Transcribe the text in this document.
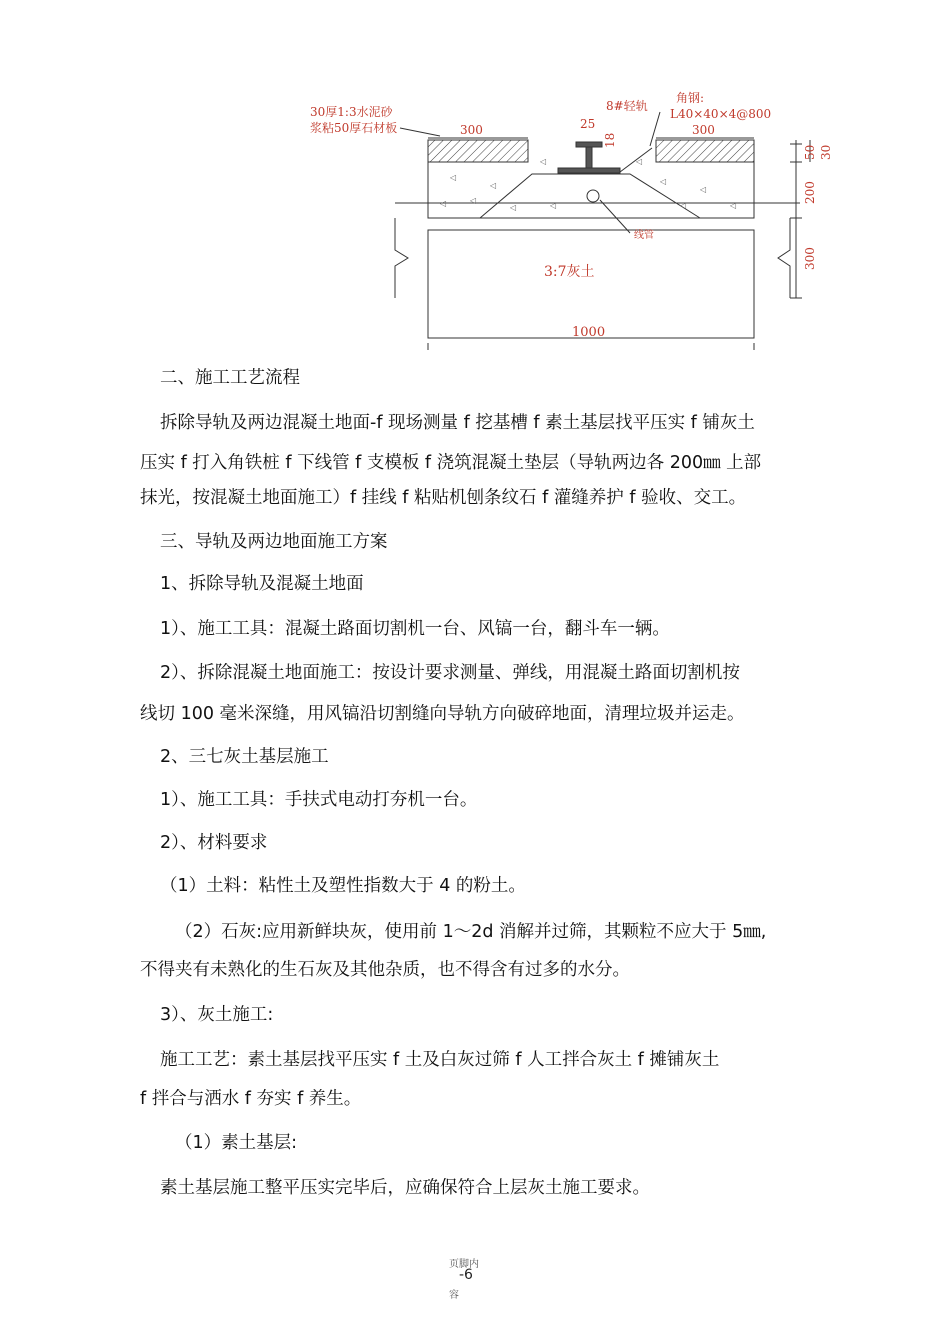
◁
◁
◁
◁	◁
◁
◁
◁
◁
◁
◁
◁
30厚1:3水泥砂
浆粘50厚石材板
8#轻轨
角钢:
L40×40×4@800
300	300
25
18
50 30
200
300
线管
3:7灰土
1000
二、施工工艺流程
拆除导轨及两边混凝土地面-f 现场测量 f 挖基槽 f 素土基层找平压实 f 铺灰土
压实 f 打入角铁桩 f 下线管 f 支模板 f 浇筑混凝土垫层（导轨两边各 200㎜ 上部
抹光，按混凝土地面施工）f 挂线 f 粘贴机刨条纹石 f 灌缝养护 f 验收、交工。
三、导轨及两边地面施工方案
1、拆除导轨及混凝土地面
1）、施工工具：混凝土路面切割机一台、风镐一台，翻斗车一辆。
2）、拆除混凝土地面施工：按设计要求测量、弹线，用混凝土路面切割机按
线切 100 毫米深缝，用风镐沿切割缝向导轨方向破碎地面，清理垃圾并运走。
2、三七灰土基层施工
1）、施工工具：手扶式电动打夯机一台。
2）、材料要求
（1）土料：粘性土及塑性指数大于 4 的粉土。
（2）石灰:应用新鲜块灰，使用前 1～2d 消解并过筛，其颗粒不应大于 5㎜,
不得夹有未熟化的生石灰及其他杂质，也不得含有过多的水分。
3）、灰土施工:
施工工艺：素土基层找平压实 f 土及白灰过筛 f 人工拌合灰土 f 摊铺灰土
f 拌合与洒水 f 夯实 f 养生。
（1）素土基层:
素土基层施工整平压实完毕后，应确保符合上层灰土施工要求。
页脚内
-6
容
